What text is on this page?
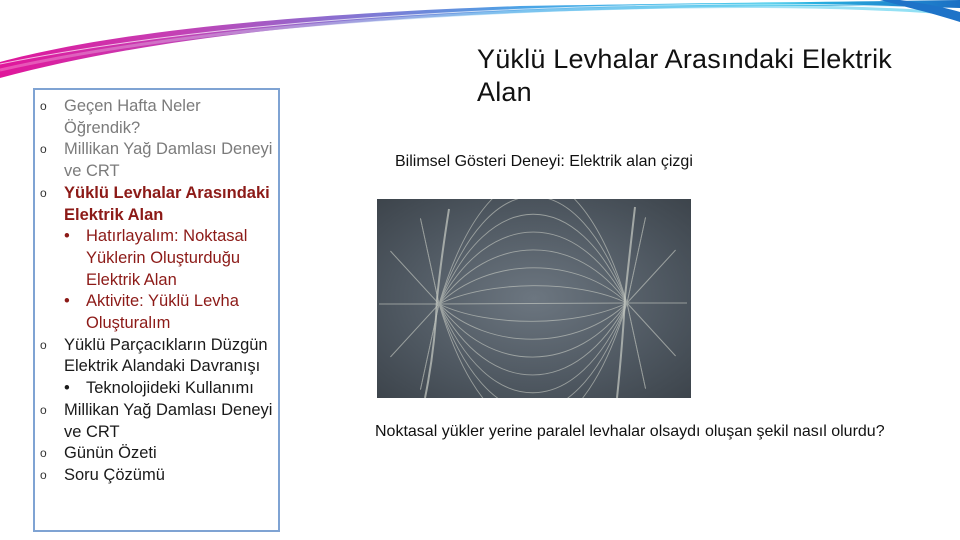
o Geçen Hafta Neler Öğrendik?
o Millikan Yağ Damlası Deneyi ve CRT
o Yüklü Levhalar Arasındaki Elektrik Alan
• Hatırlayalım: Noktasal Yüklerin Oluşturduğu Elektrik Alan
• Aktivite: Yüklü Levha Oluşturalım
o Yüklü Parçacıkların Düzgün Elektrik Alandaki Davranışı
• Teknolojideki Kullanımı
o Millikan Yağ Damlası Deneyi ve CRT
o Günün Özeti
o Soru Çözümü
Yüklü Levhalar Arasındaki Elektrik Alan
Bilimsel Gösteri Deneyi: Elektrik alan çizgi
Noktasal yükler yerine paralel levhalar olsaydı oluşan şekil nasıl olurdu?
